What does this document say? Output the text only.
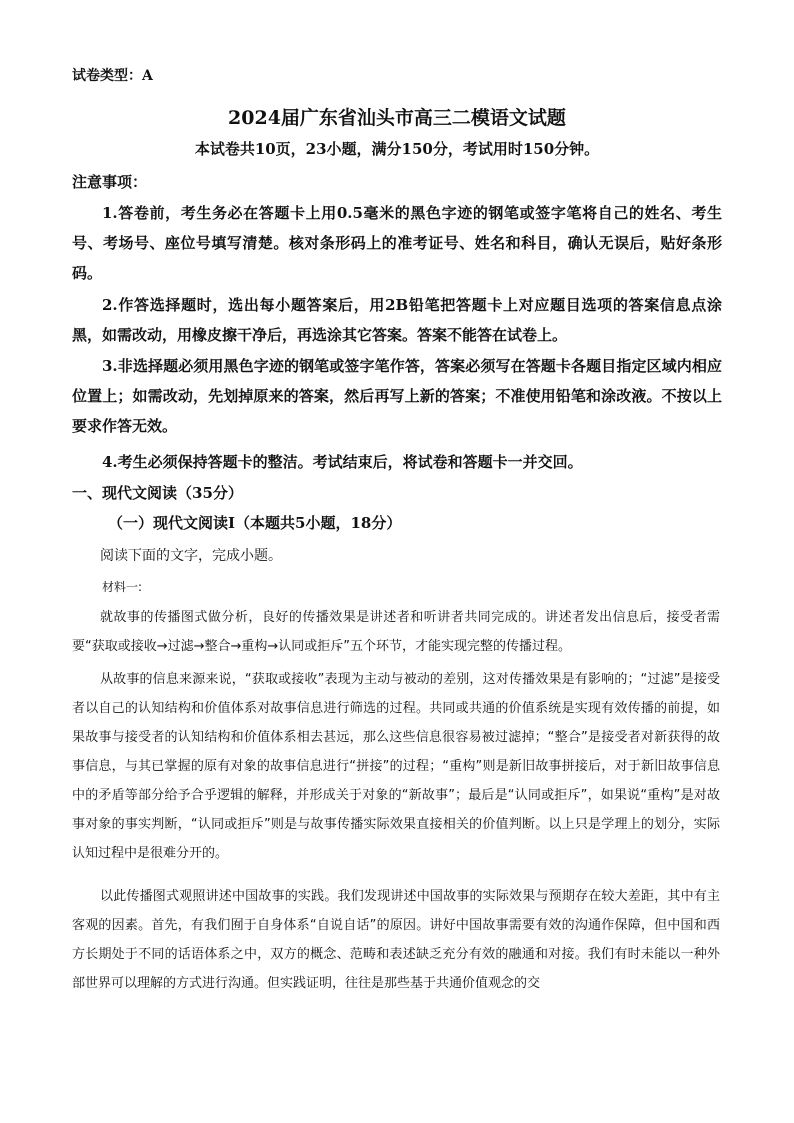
试卷类型：A
2024届广东省汕头市高三二模语文试题
本试卷共10页，23小题，满分150分，考试用时150分钟。
注意事项：
1.答卷前，考生务必在答题卡上用0.5毫米的黑色字迹的钢笔或签字笔将自己的姓名、考生号、考场号、座位号填写清楚。核对条形码上的准考证号、姓名和科目，确认无误后，贴好条形码。
2.作答选择题时，选出每小题答案后，用2B铅笔把答题卡上对应题目选项的答案信息点涂黑，如需改动，用橡皮擦干净后，再选涂其它答案。答案不能答在试卷上。
3.非选择题必须用黑色字迹的钢笔或签字笔作答，答案必须写在答题卡各题目指定区域内相应位置上；如需改动，先划掉原来的答案，然后再写上新的答案；不准使用铅笔和涂改液。不按以上要求作答无效。
4.考生必须保持答题卡的整洁。考试结束后，将试卷和答题卡一并交回。
一、现代文阅读（35分）
（一）现代文阅读Ⅰ（本题共5小题，18分）
阅读下面的文字，完成小题。
材料一:
就故事的传播图式做分析，良好的传播效果是讲述者和听讲者共同完成的。讲述者发出信息后，接受者需要“获取或接收→过滤→整合→重构→认同或拒斥”五个环节，才能实现完整的传播过程。
从故事的信息来源来说，“获取或接收”表现为主动与被动的差别，这对传播效果是有影响的；“过滤”是接受者以自己的认知结构和价值体系对故事信息进行筛选的过程。共同或共通的价值系统是实现有效传播的前提，如果故事与接受者的认知结构和价值体系相去甚远，那么这些信息很容易被过滤掉；“整合”是接受者对新获得的故事信息，与其已掌握的原有对象的故事信息进行“拼接”的过程；“重构”则是新旧故事拼接后，对于新旧故事信息中的矛盾等部分给予合乎逻辑的解释，并形成关于对象的“新故事”；最后是“认同或拒斥”，如果说“重构”是对故事对象的事实判断，“认同或拒斥”则是与故事传播实际效果直接相关的价值判断。以上只是学理上的划分，实际认知过程中是很难分开的。
以此传播图式观照讲述中国故事的实践。我们发现讲述中国故事的实际效果与预期存在较大差距，其中有主客观的因素。首先，有我们囿于自身体系“自说自话”的原因。讲好中国故事需要有效的沟通作保障，但中国和西方长期处于不同的话语体系之中，双方的概念、范畴和表述缺乏充分有效的融通和对接。我们有时未能以一种外部世界可以理解的方式进行沟通。但实践证明，往往是那些基于共通价值观念的交
